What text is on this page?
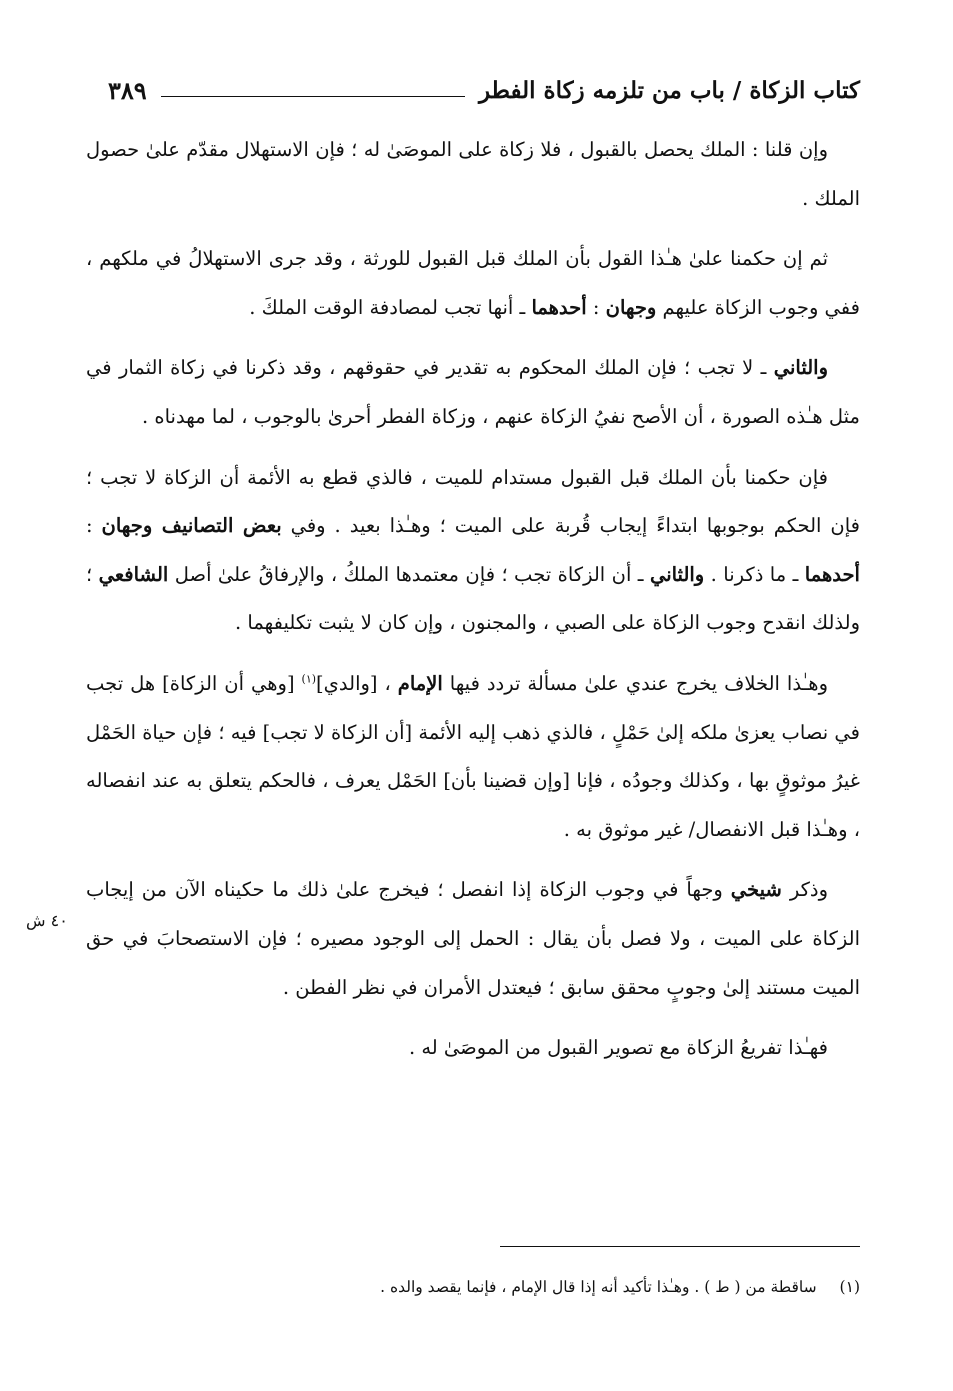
كتاب الزكاة / باب من تلزمه زكاة الفطر
٣٨٩

وإن قلنا : الملك يحصل بالقبول ، فلا زكاة على الموصَىٰ له ؛ فإن الاستهلال مقدّم علىٰ حصول الملك .

ثم إن حكمنا علىٰ هـٰذا القول بأن الملك قبل القبول للورثة ، وقد جرى الاستهلالُ في ملكهم ، ففي وجوب الزكاة عليهم وجهان : أحدهما ـ أنها تجب لمصادفة الوقت الملكَ .

والثاني ـ لا تجب ؛ فإن الملك المحكوم به تقدير في حقوقهم ، وقد ذكرنا في زكاة الثمار في مثل هـٰذه الصورة ، أن الأصح نفيُ الزكاة عنهم ، وزكاة الفطر أحرىٰ بالوجوب ، لما مهدناه .

فإن حكمنا بأن الملك قبل القبول مستدام للميت ، فالذي قطع به الأئمة أن الزكاة لا تجب ؛ فإن الحكم بوجوبها ابتداءً إيجاب قُربة على الميت ؛ وهـٰذا بعيد . وفي بعض التصانيف وجهان : أحدهما ـ ما ذكرنا . والثاني ـ أن الزكاة تجب ؛ فإن معتمدها الملكُ ، والإرفاقُ علىٰ أصل الشافعي ؛ ولذلك انقدح وجوب الزكاة على الصبي ، والمجنون ، وإن كان لا يثبت تكليفهما .

وهـٰذا الخلاف يخرج عندي علىٰ مسألة تردد فيها الإمام ، [والدي]$^{(١)}$ [وهي أن الزكاة] هل تجب في نصاب يعزىٰ ملكه إلىٰ حَمْلٍ ، فالذي ذهب إليه الأئمة [أن الزكاة لا تجب] فيه ؛ فإن حياة الحَمْل غيرُ موثوقٍ بها ، وكذلك وجودُه ، فإنا [وإن قضينا بأن] الحَمْل يعرف ، فالحكم يتعلق به عند انفصاله ، وهـٰذا قبل الانفصال/ غير موثوق به .

وذكر شيخي وجهاً في وجوب الزكاة إذا انفصل ؛ فيخرج علىٰ ذلك ما حكيناه الآن من إيجاب الزكاة على الميت ، ولا فصل بأن يقال : الحمل إلى الوجود مصيره ؛ فإن الاستصحابَ في حق الميت مستند إلىٰ وجوبٍ محقق سابق ؛ فيعتدل الأمران في نظر الفطن .

فهـٰذا تفريعُ الزكاة مع تصوير القبول من الموصَىٰ له .

٤٠ ش
(١) ساقطة من ( ط ) . وهـٰذا تأكيد أنه إذا قال الإمام ، فإنما يقصد والده .
